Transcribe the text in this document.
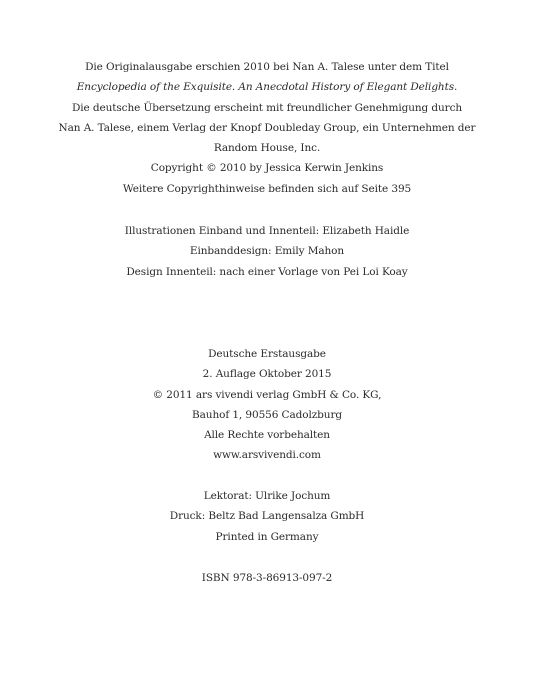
Die Originalausgabe erschien 2010 bei Nan A. Talese unter dem Titel
Encyclopedia of the Exquisite. An Anecdotal History of Elegant Delights.
Die deutsche Übersetzung erscheint mit freundlicher Genehmigung durch
Nan A. Talese, einem Verlag der Knopf Doubleday Group, ein Unternehmen der
Random House, Inc.
Copyright © 2010 by Jessica Kerwin Jenkins
Weitere Copyrighthinweise befinden sich auf Seite 395
Illustrationen Einband und Innenteil: Elizabeth Haidle
Einbanddesign: Emily Mahon
Design Innenteil: nach einer Vorlage von Pei Loi Koay
Deutsche Erstausgabe
2. Auflage Oktober 2015
© 2011 ars vivendi verlag GmbH & Co. KG,
Bauhof 1, 90556 Cadolzburg
Alle Rechte vorbehalten
www.arsvivendi.com
Lektorat: Ulrike Jochum
Druck: Beltz Bad Langensalza GmbH
Printed in Germany
ISBN 978-3-86913-097-2
